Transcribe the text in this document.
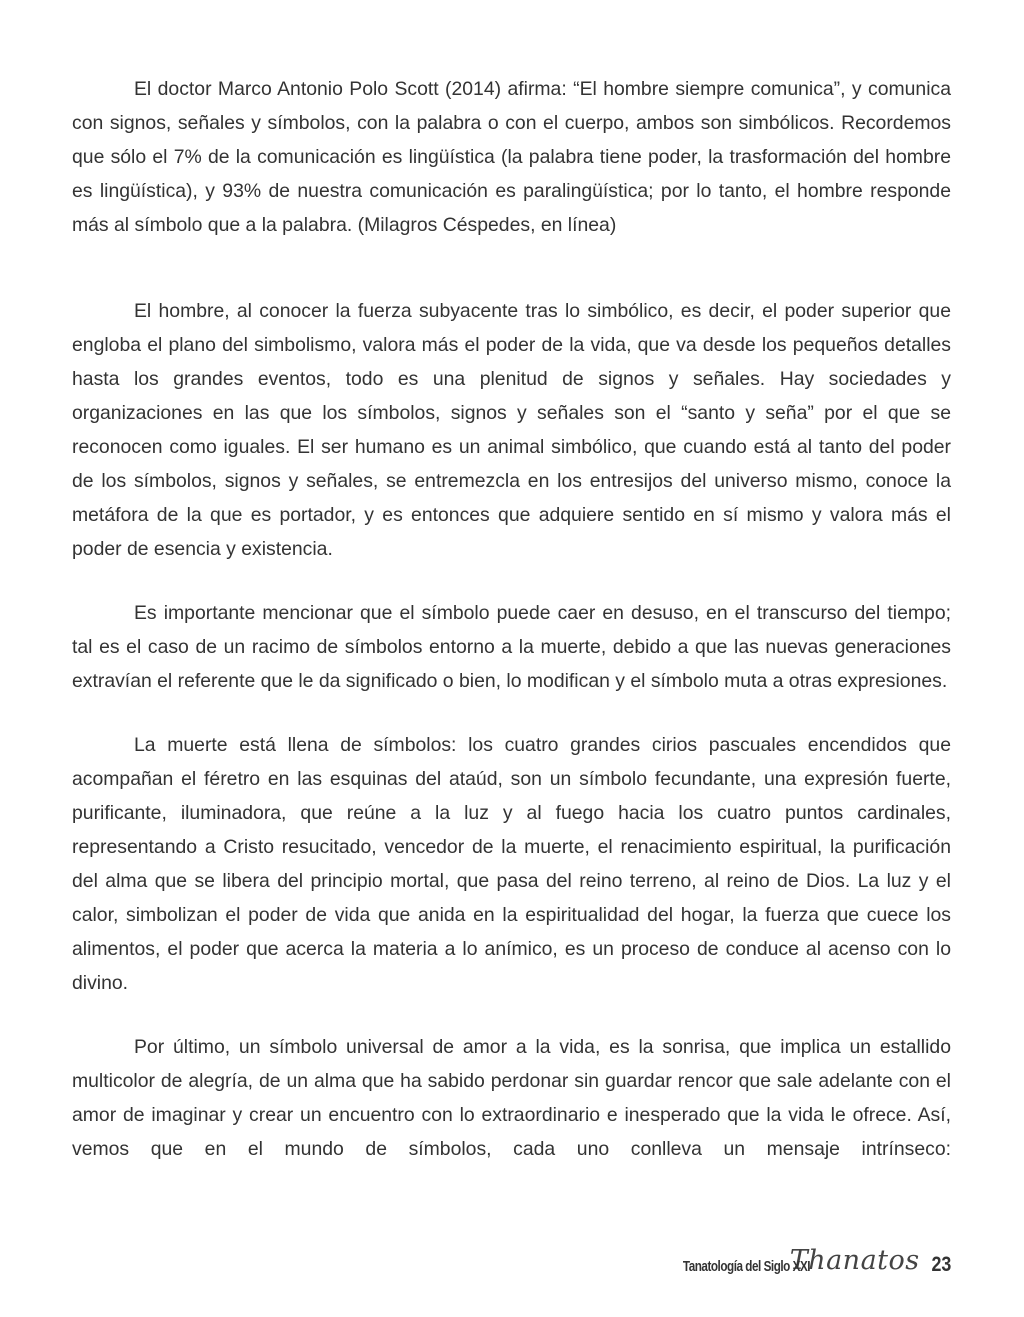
El doctor Marco Antonio Polo Scott (2014) afirma: “El hombre siempre comunica”, y comunica con signos, señales y símbolos, con la palabra o con el cuerpo, ambos son simbólicos. Recordemos que sólo el 7% de la comunicación es lingüística (la palabra tiene poder, la trasformación del hombre es lingüística), y 93% de nuestra comunicación es paralingüística; por lo tanto, el hombre responde más al símbolo que a la palabra. (Milagros Céspedes, en línea)

El hombre, al conocer la fuerza subyacente tras lo simbólico, es decir, el poder superior que engloba el plano del simbolismo, valora más el poder de la vida, que va desde los pequeños detalles hasta los grandes eventos, todo es una plenitud de signos y señales. Hay sociedades y organizaciones en las que los símbolos, signos y señales son el “santo y seña” por el que se reconocen como iguales. El ser humano es un animal simbólico, que cuando está al tanto del poder de los símbolos, signos y señales, se entremezcla en los entresijos del universo mismo, conoce la metáfora de la que es portador, y es entonces que adquiere sentido en sí mismo y valora más el poder de esencia y existencia.

Es importante mencionar que el símbolo puede caer en desuso, en el transcurso del tiempo; tal es el caso de un racimo de símbolos entorno a la muerte, debido a que las nuevas generaciones extravían el referente que le da significado o bien, lo modifican y el símbolo muta a otras expresiones.

La muerte está llena de símbolos: los cuatro grandes cirios pascuales encendidos que acompañan el féretro en las esquinas del ataúd, son un símbolo fecundante, una expresión fuerte, purificante, iluminadora, que reúne a la luz y al fuego hacia los cuatro puntos cardinales, representando a Cristo resucitado, vencedor de la muerte, el renacimiento espiritual, la purificación del alma que se libera del principio mortal, que pasa del reino terreno, al reino de Dios. La luz y el calor, simbolizan el poder de vida que anida en la espiritualidad del hogar, la fuerza que cuece los alimentos, el poder que acerca la materia a lo anímico, es un proceso de conduce al acenso con lo divino.

Por último, un símbolo universal de amor a la vida, es la sonrisa, que implica un estallido multicolor de alegría, de un alma que ha sabido perdonar sin guardar rencor que sale adelante con el amor de imaginar y crear un encuentro con lo extraordinario e inesperado que la vida le ofrece. Así, vemos que en el mundo de símbolos, cada uno conlleva un mensaje intrínseco:

Tanatología del Siglo XXI
Thanatos 23
